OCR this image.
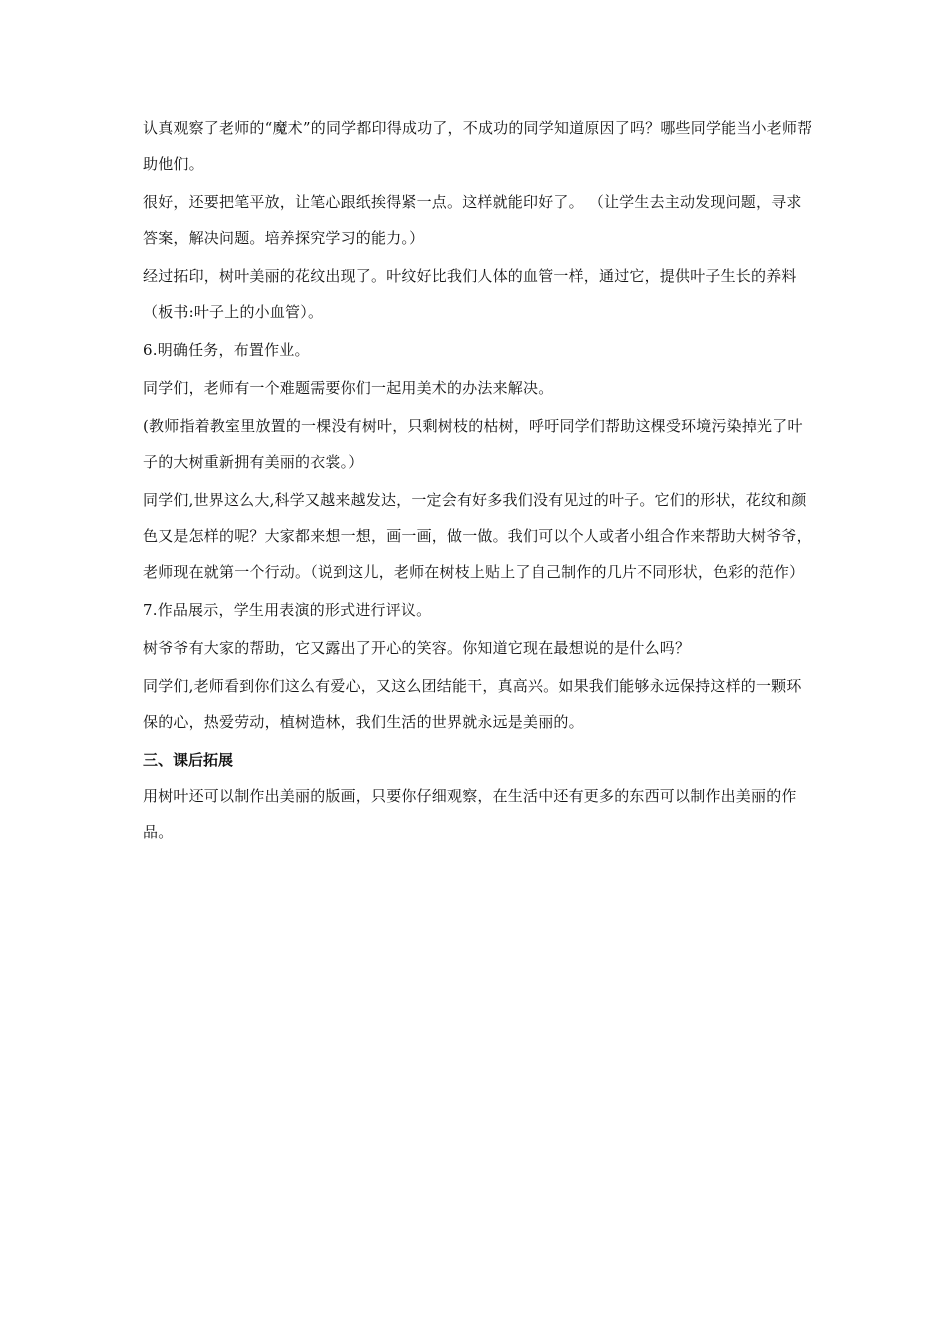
认真观察了老师的“魔术”的同学都印得成功了，不成功的同学知道原因了吗？哪些同学能当小老师帮助他们。

很好，还要把笔平放，让笔心跟纸挨得紧一点。这样就能印好了。 （让学生去主动发现问题，寻求答案，解决问题。培养探究学习的能力。）

经过拓印，树叶美丽的花纹出现了。叶纹好比我们人体的血管一样，通过它，提供叶子生长的养料（板书:叶子上的小血管）。

6.明确任务，布置作业。

同学们，老师有一个难题需要你们一起用美术的办法来解决。

(教师指着教室里放置的一棵没有树叶，只剩树枝的枯树，呼吁同学们帮助这棵受环境污染掉光了叶子的大树重新拥有美丽的衣裳。）

同学们,世界这么大,科学又越来越发达，一定会有好多我们没有见过的叶子。它们的形状，花纹和颜色又是怎样的呢？大家都来想一想，画一画，做一做。我们可以个人或者小组合作来帮助大树爷爷，老师现在就第一个行动。（说到这儿，老师在树枝上贴上了自己制作的几片不同形状，色彩的范作）

7.作品展示，学生用表演的形式进行评议。

树爷爷有大家的帮助，它又露出了开心的笑容。你知道它现在最想说的是什么吗？

同学们,老师看到你们这么有爱心，又这么团结能干，真高兴。如果我们能够永远保持这样的一颗环保的心，热爱劳动，植树造林，我们生活的世界就永远是美丽的。

三、课后拓展

用树叶还可以制作出美丽的版画，只要你仔细观察，在生活中还有更多的东西可以制作出美丽的作品。
